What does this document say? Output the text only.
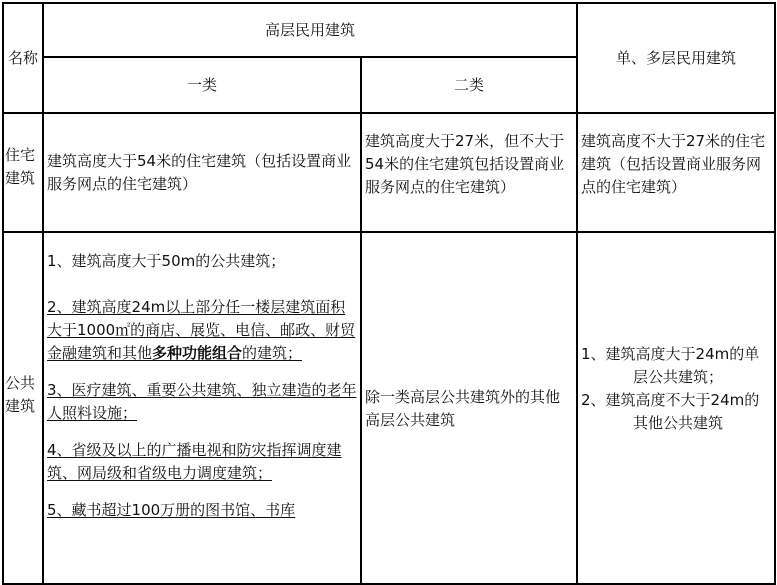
名称
高层民用建筑
一类	二类
单、多层民用建筑
住宅建筑
建筑高度大于54米的住宅建筑（包括设置商业服务网点的住宅建筑）
建筑高度大于27米，但不大于54米的住宅建筑包括设置商业服务网点的住宅建筑）
建筑高度不大于27米的住宅建筑（包括设置商业服务网点的住宅建筑）
公共建筑

1、建筑高度大于50m的公共建筑；

2、建筑高度24m以上部分任一楼层建筑面积大于1000㎡的商店、展览、电信、邮政、财贸金融建筑和其他多种功能组合的建筑；

3、医疗建筑、重要公共建筑、独立建造的老年人照料设施；

4、省级及以上的广播电视和防灾指挥调度建筑、网局级和省级电力调度建筑；

5、藏书超过100万册的图书馆、书库

除一类高层公共建筑外的其他高层公共建筑

1、建筑高度大于24m的单

层公共建筑；

2、建筑高度不大于24m的

其他公共建筑
